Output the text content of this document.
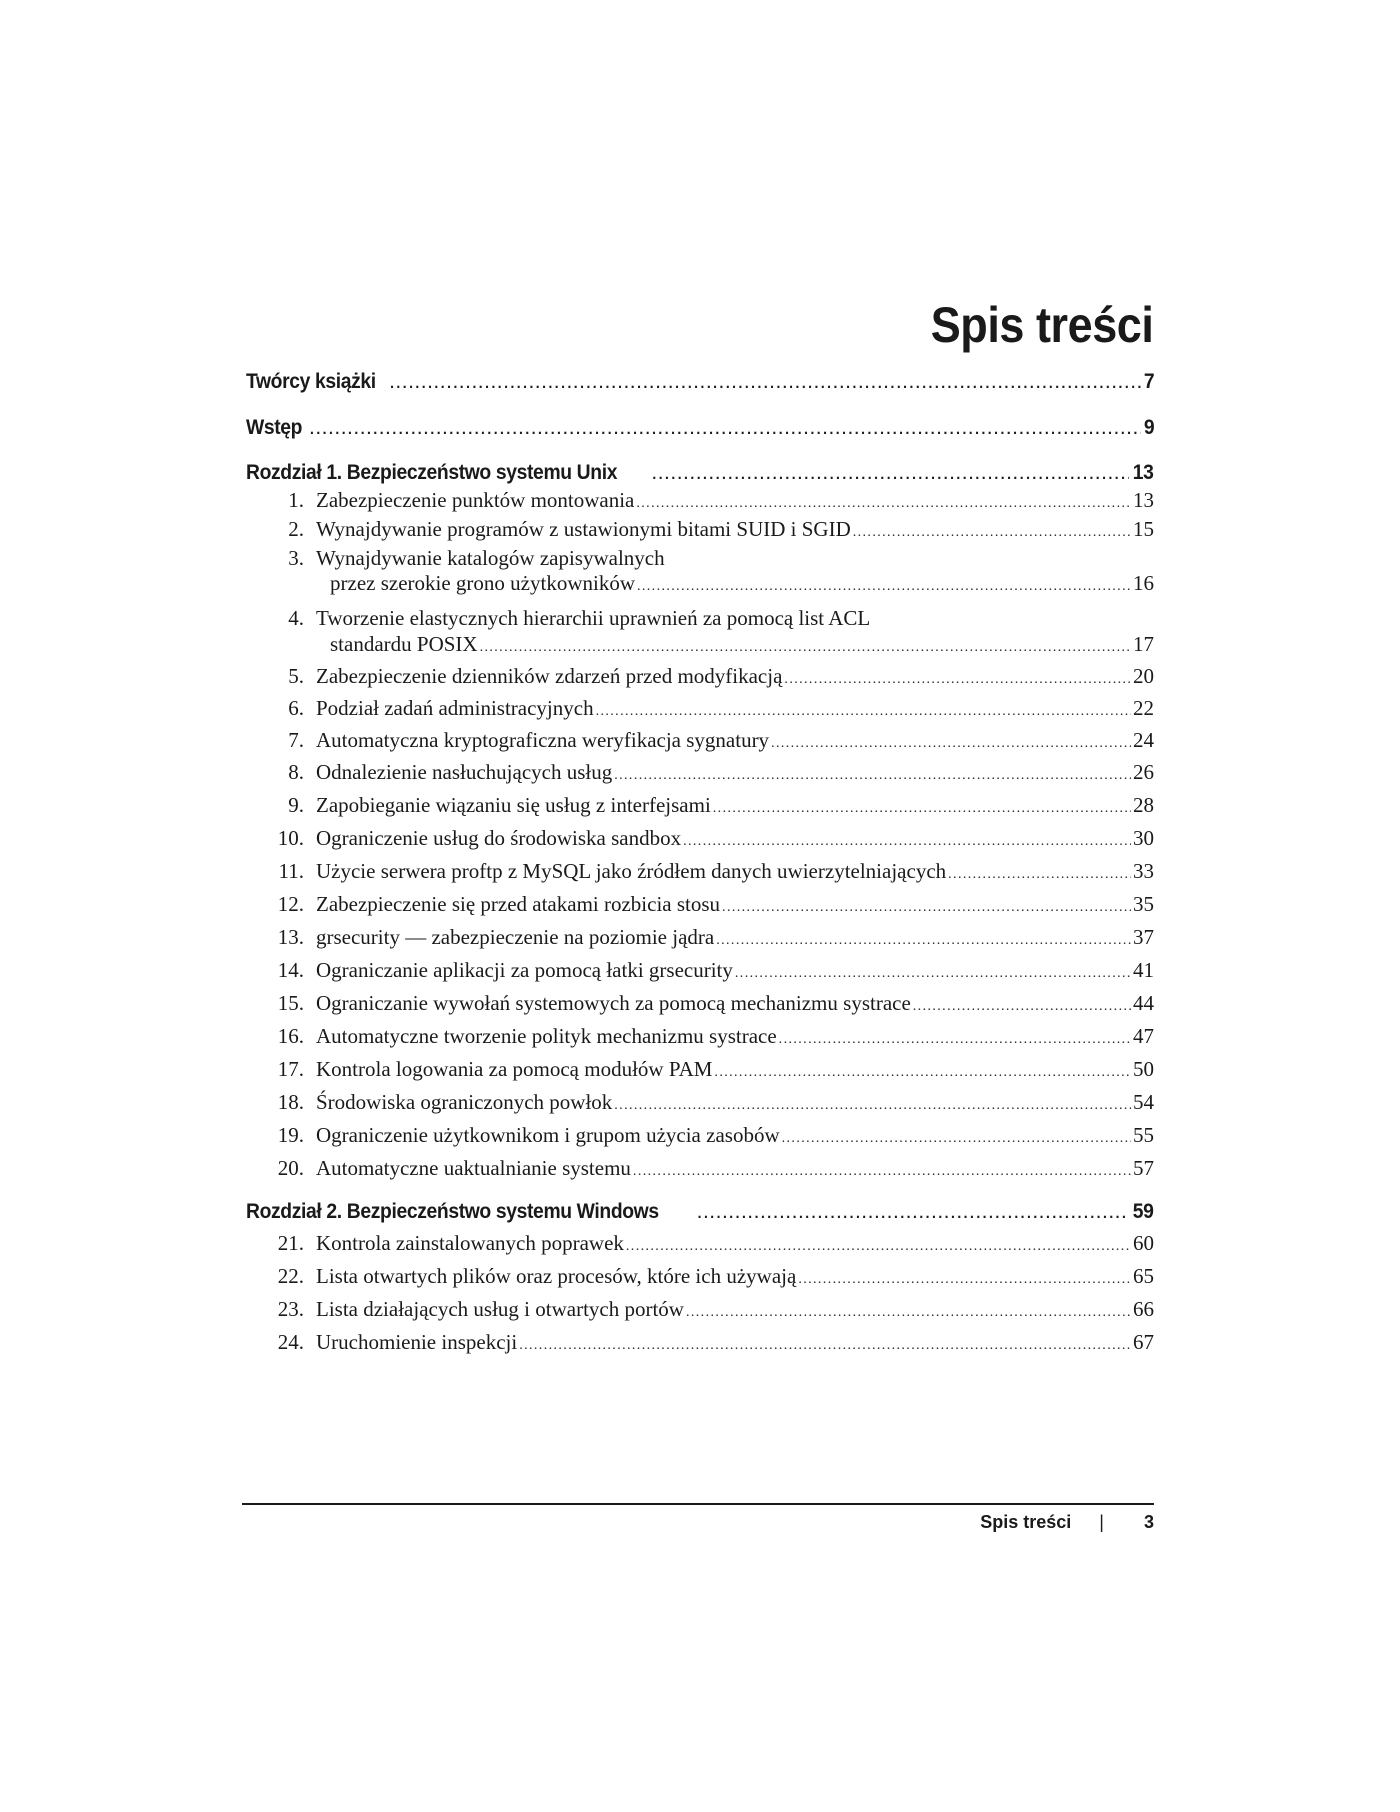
Spis treści
Twórcy książki .....	7
Wstęp .....	9
Rozdział 1. Bezpieczeństwo systemu Unix .....	13
1. Zabezpieczenie punktów montowania .....	13
2. Wynajdywanie programów z ustawionymi bitami SUID i SGID .....	15
3. Wynajdywanie katalogów zapisywalnych
przez szerokie grono użytkowników .....	16
4. Tworzenie elastycznych hierarchii uprawnień za pomocą list ACL
standardu POSIX .....	17
5. Zabezpieczenie dzienników zdarzeń przed modyfikacją .....	20
6. Podział zadań administracyjnych .....	22
7. Automatyczna kryptograficzna weryfikacja sygnatury .....	24
8. Odnalezienie nasłuchujących usług .....	26
9. Zapobieganie wiązaniu się usług z interfejsami .....	28
10. Ograniczenie usług do środowiska sandbox .....	30
11. Użycie serwera proftp z MySQL jako źródłem danych uwierzytelniających .....	33
12. Zabezpieczenie się przed atakami rozbicia stosu .....	35
13. grsecurity — zabezpieczenie na poziomie jądra .....	37
14. Ograniczanie aplikacji za pomocą łatki grsecurity .....	41
15. Ograniczanie wywołań systemowych za pomocą mechanizmu systrace .....	44
16. Automatyczne tworzenie polityk mechanizmu systrace .....	47
17. Kontrola logowania za pomocą modułów PAM .....	50
18. Środowiska ograniczonych powłok .....	54
19. Ograniczenie użytkownikom i grupom użycia zasobów .....	55
20. Automatyczne uaktualnianie systemu .....	57
Rozdział 2. Bezpieczeństwo systemu Windows .....	59
21. Kontrola zainstalowanych poprawek .....	60
22. Lista otwartych plików oraz procesów, które ich używają .....	65
23. Lista działających usług i otwartych portów .....	66
24. Uruchomienie inspekcji .....	67
Spis treści | 3
